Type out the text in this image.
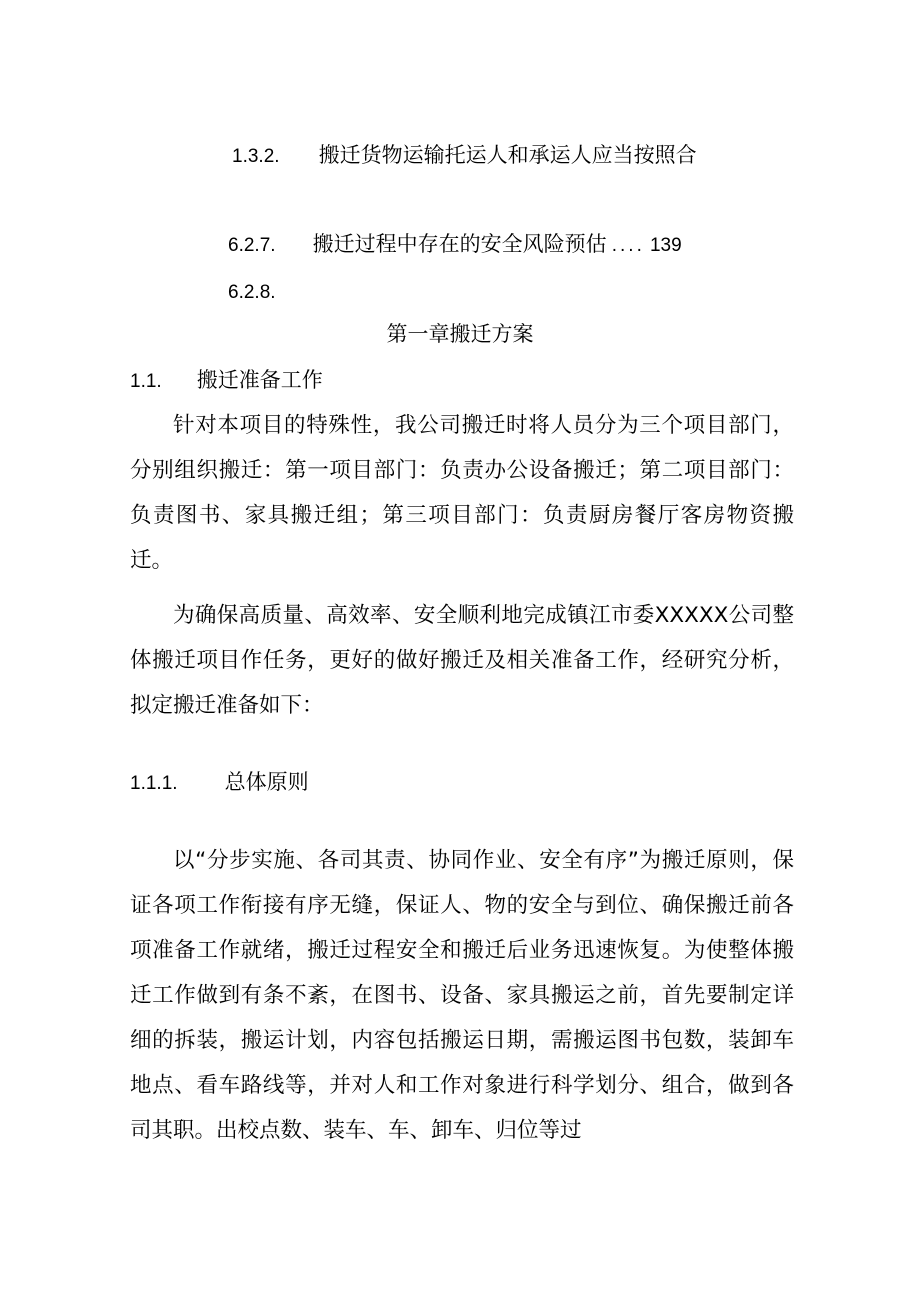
1.3.2. 搬迁货物运输托运人和承运人应当按照合
6.2.7. 搬迁过程中存在的安全风险预估 .... 139
6.2.8.
第一章搬迁方案
1.1. 搬迁准备工作

针对本项目的特殊性，我公司搬迁时将人员分为三个项目部门，分别组织搬迁：第一项目部门：负责办公设备搬迁；第二项目部门：负责图书、家具搬迁组；第三项目部门：负责厨房餐厅客房物资搬迁。

为确保高质量、高效率、安全顺利地完成镇江市委XXXXX公司整体搬迁项目作任务，更好的做好搬迁及相关准备工作，经研究分析，拟定搬迁准备如下：

1.1.1. 总体原则

以“分步实施、各司其责、协同作业、安全有序”为搬迁原则，保证各项工作衔接有序无缝，保证人、物的安全与到位、确保搬迁前各项准备工作就绪，搬迁过程安全和搬迁后业务迅速恢复。为使整体搬迁工作做到有条不紊，在图书、设备、家具搬运之前，首先要制定详细的拆装，搬运计划，内容包括搬运日期，需搬运图书包数，装卸车地点、看车路线等，并对人和工作对象进行科学划分、组合，做到各司其职。出校点数、装车、车、卸车、归位等过
